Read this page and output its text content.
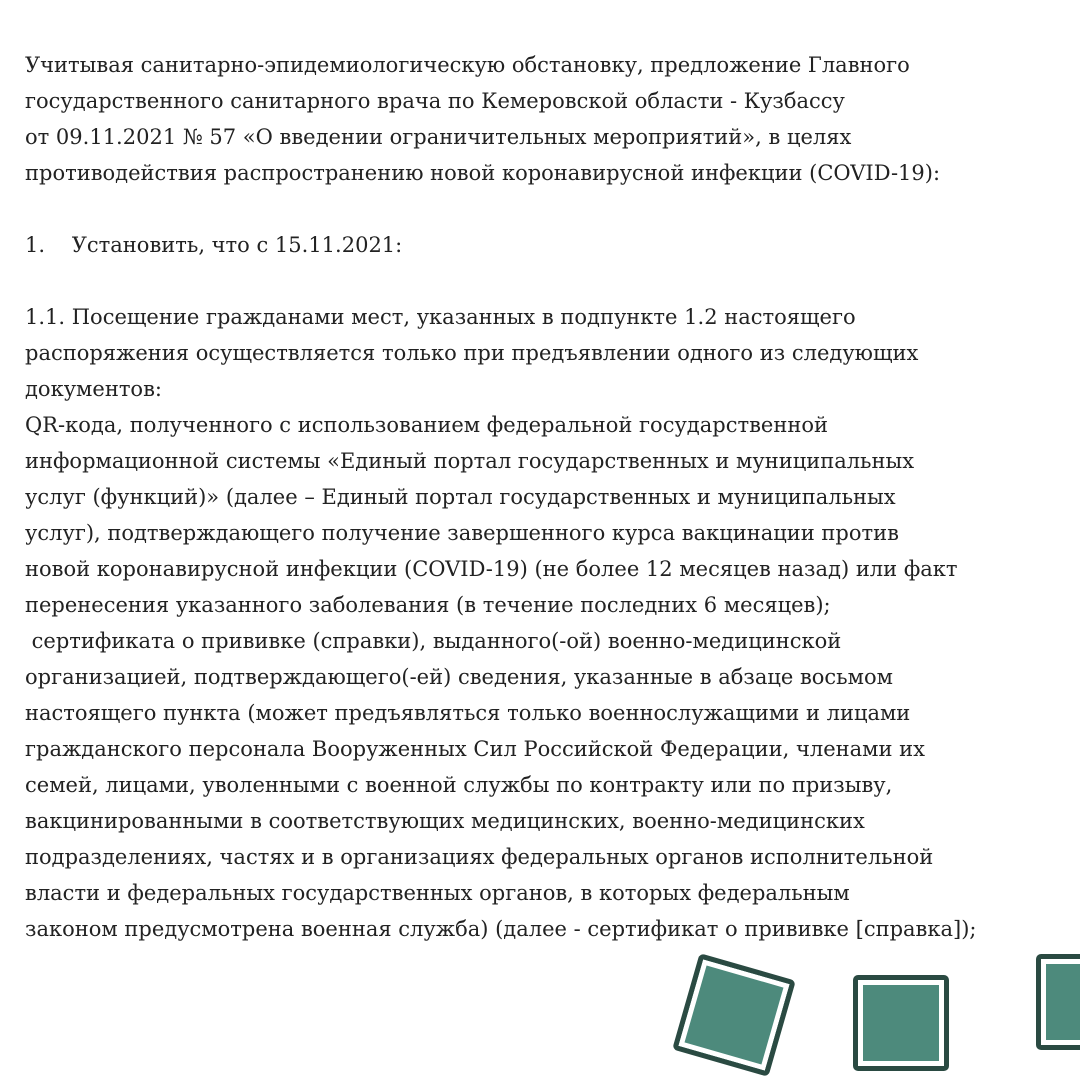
Учитывая санитарно-эпидемиологическую обстановку, предложение Главного
государственного санитарного врача по Кемеровской области - Кузбассу
от 09.11.2021 № 57 «О введении ограничительных мероприятий», в целях
противодействия распространению новой коронавирусной инфекции (COVID-19):
1.    Установить, что с 15.11.2021:
1.1. Посещение гражданами мест, указанных в подпункте 1.2 настоящего
распоряжения осуществляется только при предъявлении одного из следующих
документов:
QR-кода, полученного с использованием федеральной государственной
информационной системы «Единый портал государственных и муниципальных
услуг (функций)» (далее – Единый портал государственных и муниципальных
услуг), подтверждающего получение завершенного курса вакцинации против
новой коронавирусной инфекции (COVID-19) (не более 12 месяцев назад) или факт
перенесения указанного заболевания (в течение последних 6 месяцев);
сертификата о прививке (справки), выданного(-ой) военно-медицинской
организацией, подтверждающего(-ей) сведения, указанные в абзаце восьмом
настоящего пункта (может предъявляться только военнослужащими и лицами
гражданского персонала Вооруженных Сил Российской Федерации, членами их
семей, лицами, уволенными с военной службы по контракту или по призыву,
вакцинированными в соответствующих медицинских, военно-медицинских
подразделениях, частях и в организациях федеральных органов исполнительной
власти и федеральных государственных органов, в которых федеральным
законом предусмотрена военная служба) (далее - сертификат о прививке [справка]);
